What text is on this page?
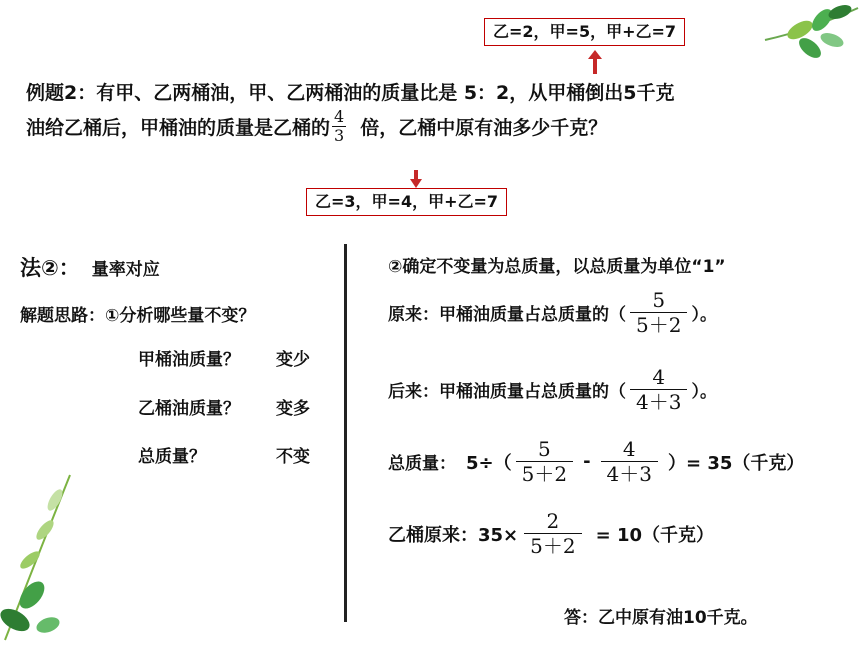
乙=2，甲=5，甲+乙=7
例题2：有甲、乙两桶油，甲、乙两桶油的质量比是 5：2，从甲桶倒出5千克
油给乙桶后，甲桶油的质量是乙桶的 $\frac{4}{3}$ 倍，乙桶中原有油多少千克？
乙=3，甲=4，甲+乙=7
法②： 量率对应
解题思路：①分析哪些量不变？
甲桶油质量？ 变少
乙桶油质量？ 变多
总质量？	不变
②确定不变量为总质量，以总质量为单位“1”
原来：甲桶油质量占总质量的（ $\frac{5}{5+2}$ ）。
后来：甲桶油质量占总质量的（ $\frac{4}{4+3}$ ）。
总质量： $5\div( \frac{5}{5+2} - \frac{4}{4+3}$ ）= 35（千克）
乙桶原来：$35\times \frac{2}{5+2} = 10$（千克）
答：乙中原有油10千克。
